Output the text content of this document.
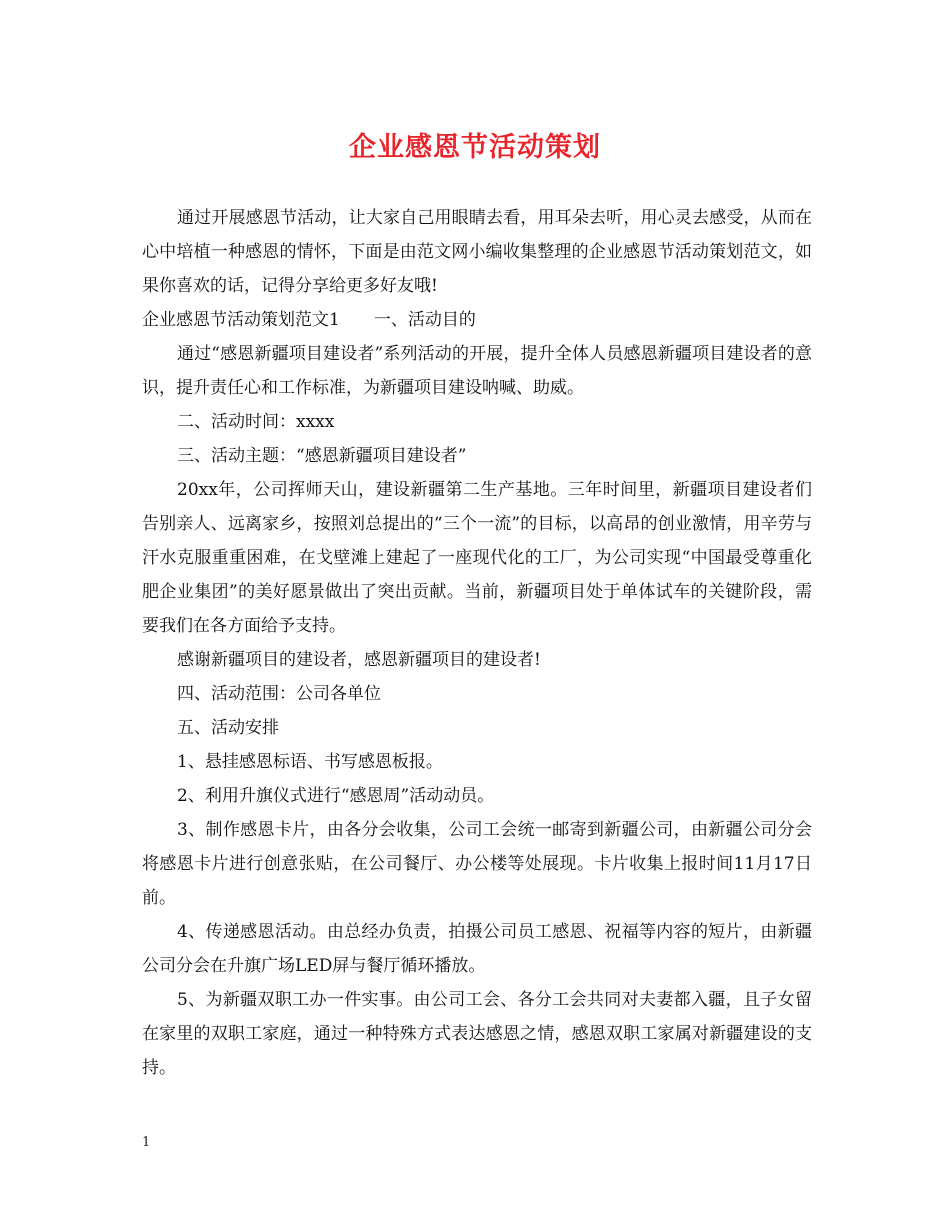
企业感恩节活动策划

通过开展感恩节活动，让大家自己用眼睛去看，用耳朵去听，用心灵去感受，从而在心中培植一种感恩的情怀，下面是由范文网小编收集整理的企业感恩节活动策划范文，如果你喜欢的话，记得分享给更多好友哦!

企业感恩节活动策划范文1 一、活动目的

通过“感恩新疆项目建设者”系列活动的开展，提升全体人员感恩新疆项目建设者的意识，提升责任心和工作标准，为新疆项目建设呐喊、助威。

二、活动时间：xxxx

三、活动主题：“感恩新疆项目建设者”

20xx年，公司挥师天山，建设新疆第二生产基地。三年时间里，新疆项目建设者们告别亲人、远离家乡，按照刘总提出的“三个一流”的目标，以高昂的创业激情，用辛劳与汗水克服重重困难，在戈壁滩上建起了一座现代化的工厂，为公司实现“中国最受尊重化肥企业集团”的美好愿景做出了突出贡献。当前，新疆项目处于单体试车的关键阶段，需要我们在各方面给予支持。

感谢新疆项目的建设者，感恩新疆项目的建设者!

四、活动范围：公司各单位

五、活动安排

1、悬挂感恩标语、书写感恩板报。

2、利用升旗仪式进行“感恩周”活动动员。

3、制作感恩卡片，由各分会收集，公司工会统一邮寄到新疆公司，由新疆公司分会将感恩卡片进行创意张贴，在公司餐厅、办公楼等处展现。卡片收集上报时间11月17日前。

4、传递感恩活动。由总经办负责，拍摄公司员工感恩、祝福等内容的短片，由新疆公司分会在升旗广场LED屏与餐厅循环播放。

5、为新疆双职工办一件实事。由公司工会、各分工会共同对夫妻都入疆，且子女留在家里的双职工家庭，通过一种特殊方式表达感恩之情，感恩双职工家属对新疆建设的支持。

1
